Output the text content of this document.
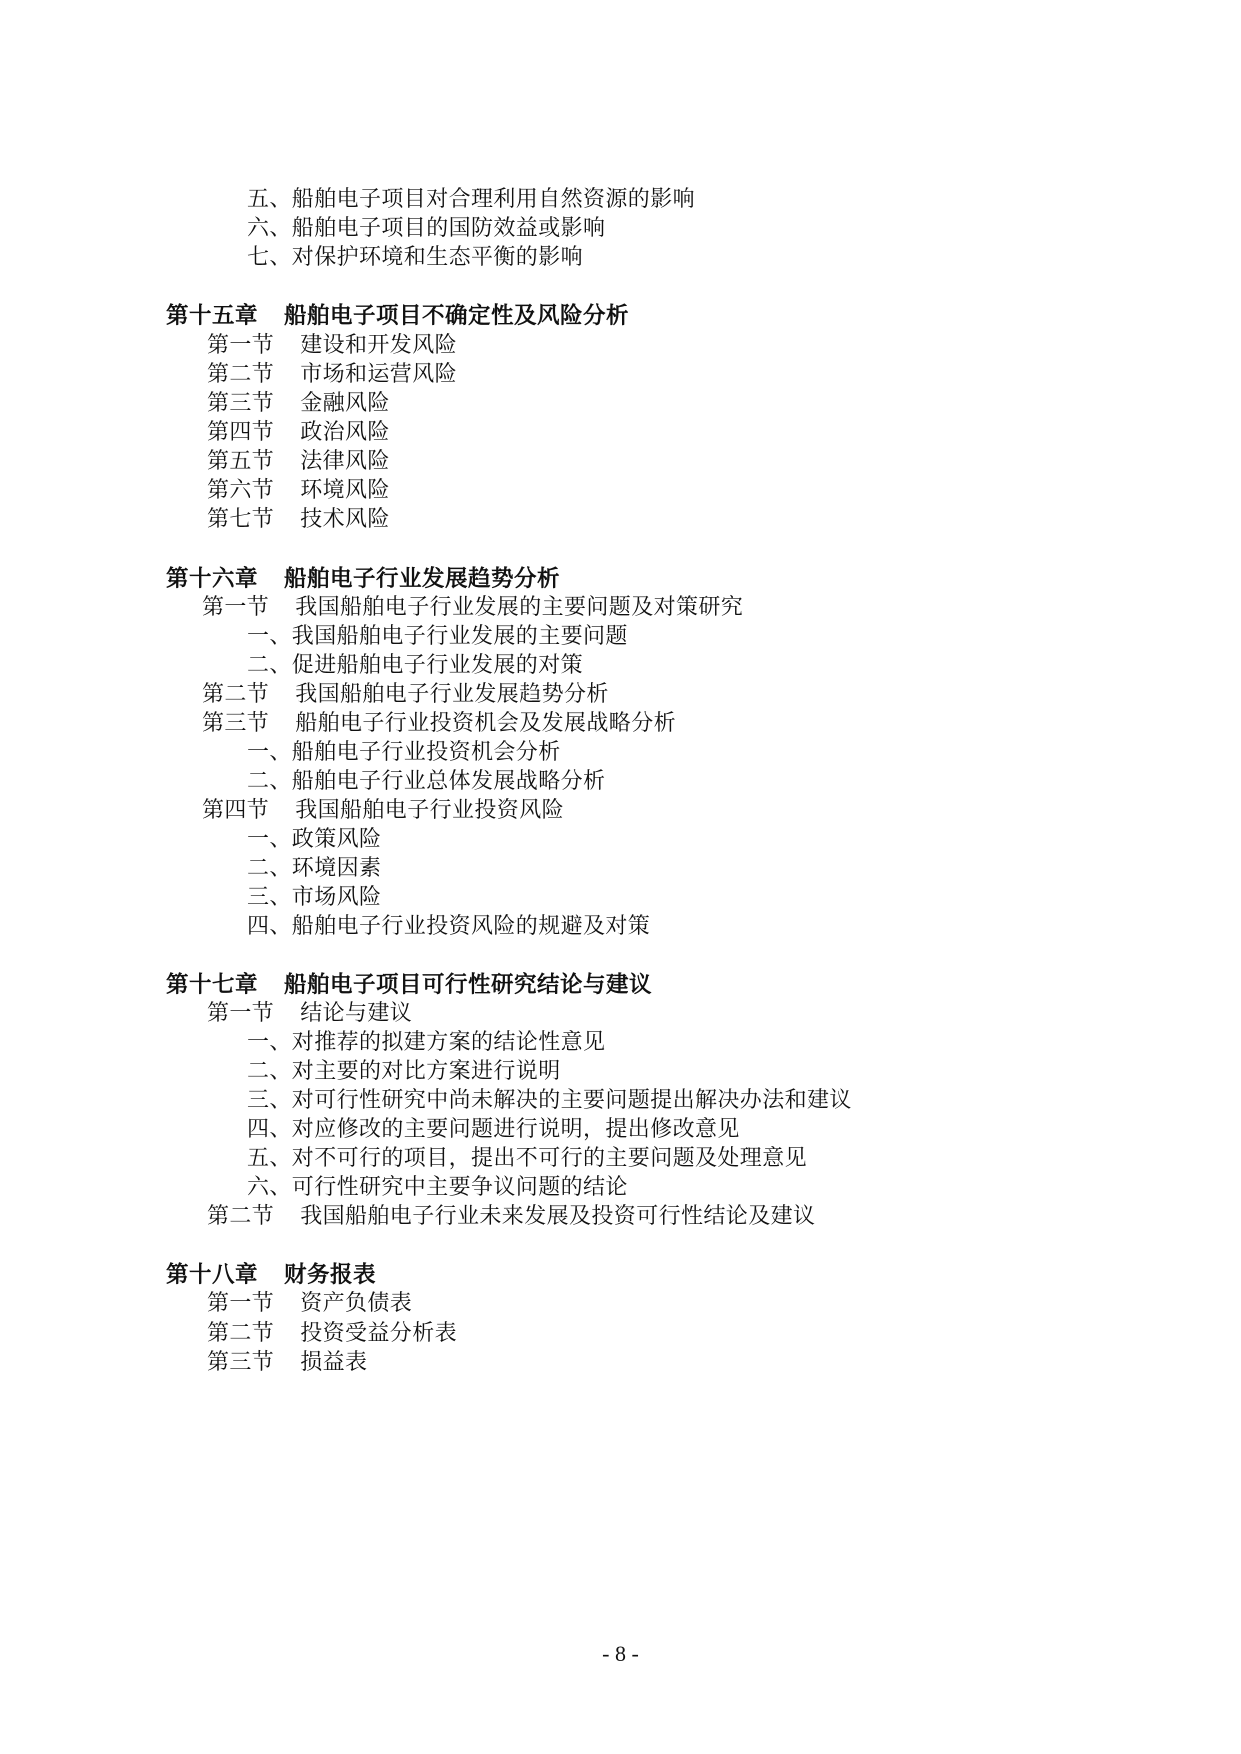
五、船舶电子项目对合理利用自然资源的影响
六、船舶电子项目的国防效益或影响
七、对保护环境和生态平衡的影响
第十五章 船舶电子项目不确定性及风险分析
第一节 建设和开发风险
第二节 市场和运营风险
第三节 金融风险
第四节 政治风险
第五节 法律风险
第六节 环境风险
第七节 技术风险
第十六章 船舶电子行业发展趋势分析
第一节 我国船舶电子行业发展的主要问题及对策研究
一、我国船舶电子行业发展的主要问题
二、促进船舶电子行业发展的对策
第二节 我国船舶电子行业发展趋势分析
第三节 船舶电子行业投资机会及发展战略分析
一、船舶电子行业投资机会分析
二、船舶电子行业总体发展战略分析
第四节 我国船舶电子行业投资风险
一、政策风险
二、环境因素
三、市场风险
四、船舶电子行业投资风险的规避及对策
第十七章 船舶电子项目可行性研究结论与建议
第一节 结论与建议
一、对推荐的拟建方案的结论性意见
二、对主要的对比方案进行说明
三、对可行性研究中尚未解决的主要问题提出解决办法和建议
四、对应修改的主要问题进行说明，提出修改意见
五、对不可行的项目，提出不可行的主要问题及处理意见
六、可行性研究中主要争议问题的结论
第二节 我国船舶电子行业未来发展及投资可行性结论及建议
第十八章 财务报表
第一节 资产负债表
第二节 投资受益分析表
第三节 损益表
- 8 -
